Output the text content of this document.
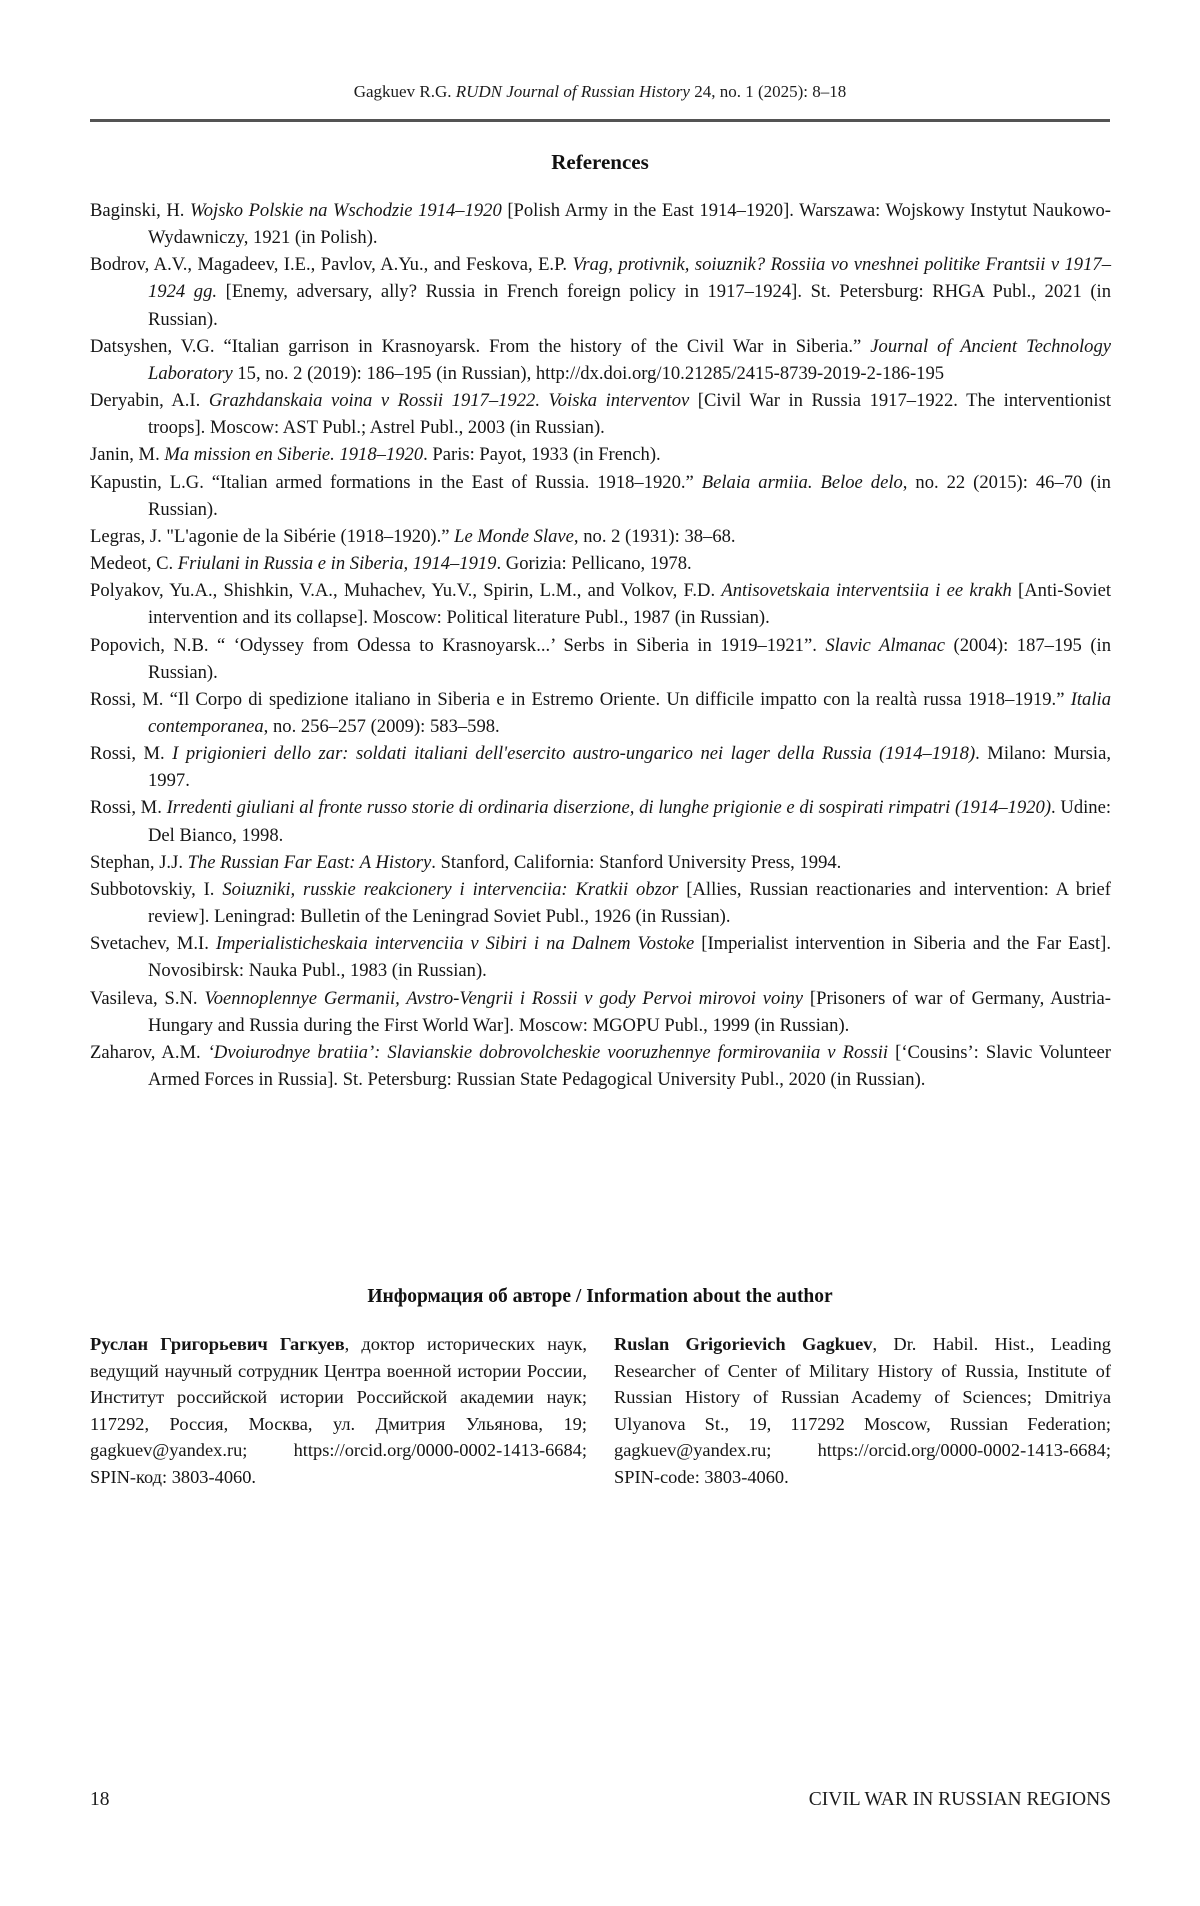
Gagkuev R.G. RUDN Journal of Russian History 24, no. 1 (2025): 8–18
References

Baginski, H. Wojsko Polskie na Wschodzie 1914–1920 [Polish Army in the East 1914–1920]. Warszawa: Wojskowy Instytut Naukowo-Wydawniczy, 1921 (in Polish).

Bodrov, A.V., Magadeev, I.E., Pavlov, A.Yu., and Feskova, E.P. Vrag, protivnik, soiuznik? Rossiia vo vneshnei politike Frantsii v 1917–1924 gg. [Enemy, adversary, ally? Russia in French foreign policy in 1917–1924]. St. Petersburg: RHGA Publ., 2021 (in Russian).

Datsyshen, V.G. “Italian garrison in Krasnoyarsk. From the history of the Civil War in Siberia.” Journal of Ancient Technology Laboratory 15, no. 2 (2019): 186–195 (in Russian), http://dx.doi.org/10.21285/2415-8739-2019-2-186-195

Deryabin, A.I. Grazhdanskaia voina v Rossii 1917–1922. Voiska interventov [Civil War in Russia 1917–1922. The interventionist troops]. Moscow: AST Publ.; Astrel Publ., 2003 (in Russian).

Janin, M. Ma mission en Siberie. 1918–1920. Paris: Payot, 1933 (in French).

Kapustin, L.G. “Italian armed formations in the East of Russia. 1918–1920.” Belaia armiia. Beloe delo, no. 22 (2015): 46–70 (in Russian).

Legras, J. "L'agonie de la Sibérie (1918–1920).” Le Monde Slave, no. 2 (1931): 38–68.

Medeot, C. Friulani in Russia e in Siberia, 1914–1919. Gorizia: Pellicano, 1978.

Polyakov, Yu.A., Shishkin, V.A., Muhachev, Yu.V., Spirin, L.M., and Volkov, F.D. Antisovetskaia interventsiia i ee krakh [Anti-Soviet intervention and its collapse]. Moscow: Political literature Publ., 1987 (in Russian).

Popovich, N.B. “ ‘Odyssey from Odessa to Krasnoyarsk...’ Serbs in Siberia in 1919–1921”. Slavic Almanac (2004): 187–195 (in Russian).

Rossi, M. “Il Corpo di spedizione italiano in Siberia e in Estremo Oriente. Un difficile impatto con la realtà russa 1918–1919.” Italia contemporanea, no. 256–257 (2009): 583–598.

Rossi, M. I prigionieri dello zar: soldati italiani dell'esercito austro-ungarico nei lager della Russia (1914–1918). Milano: Mursia, 1997.

Rossi, M. Irredenti giuliani al fronte russo storie di ordinaria diserzione, di lunghe prigionie e di sospirati rimpatri (1914–1920). Udine: Del Bianco, 1998.

Stephan, J.J. The Russian Far East: A History. Stanford, California: Stanford University Press, 1994.

Subbotovskiy, I. Soiuzniki, russkie reakcionery i intervenciia: Kratkii obzor [Allies, Russian reactionaries and intervention: A brief review]. Leningrad: Bulletin of the Leningrad Soviet Publ., 1926 (in Russian).

Svetachev, M.I. Imperialisticheskaia intervenciia v Sibiri i na Dalnem Vostoke [Imperialist intervention in Siberia and the Far East]. Novosibirsk: Nauka Publ., 1983 (in Russian).

Vasileva, S.N. Voennoplennye Germanii, Avstro-Vengrii i Rossii v gody Pervoi mirovoi voiny [Prisoners of war of Germany, Austria-Hungary and Russia during the First World War]. Moscow: MGOPU Publ., 1999 (in Russian).

Zaharov, A.M. ‘Dvoiurodnye bratiia’: Slavianskie dobrovolcheskie vooruzhennye formirovaniia v Rossii [‘Cousins’: Slavic Volunteer Armed Forces in Russia]. St. Petersburg: Russian State Pedagogical University Publ., 2020 (in Russian).

Информация об авторе / Information about the author

Руслан Григорьевич Гагкуев, доктор исторических наук, ведущий научный сотрудник Центра военной истории России, Институт российской истории Российской академии наук; 117292, Россия, Москва, ул. Дмитрия Ульянова, 19; gagkuev@yandex.ru; https://orcid.org/0000-0002-1413-6684; SPIN-код: 3803-4060.

Ruslan Grigorievich Gagkuev, Dr. Habil. Hist., Leading Researcher of Center of Military History of Russia, Institute of Russian History of Russian Academy of Sciences; Dmitriya Ulyanova St., 19, 117292 Moscow, Russian Federation; gagkuev@yandex.ru; https://orcid.org/0000-0002-1413-6684; SPIN-code: 3803-4060.

18	CIVIL WAR IN RUSSIAN REGIONS
